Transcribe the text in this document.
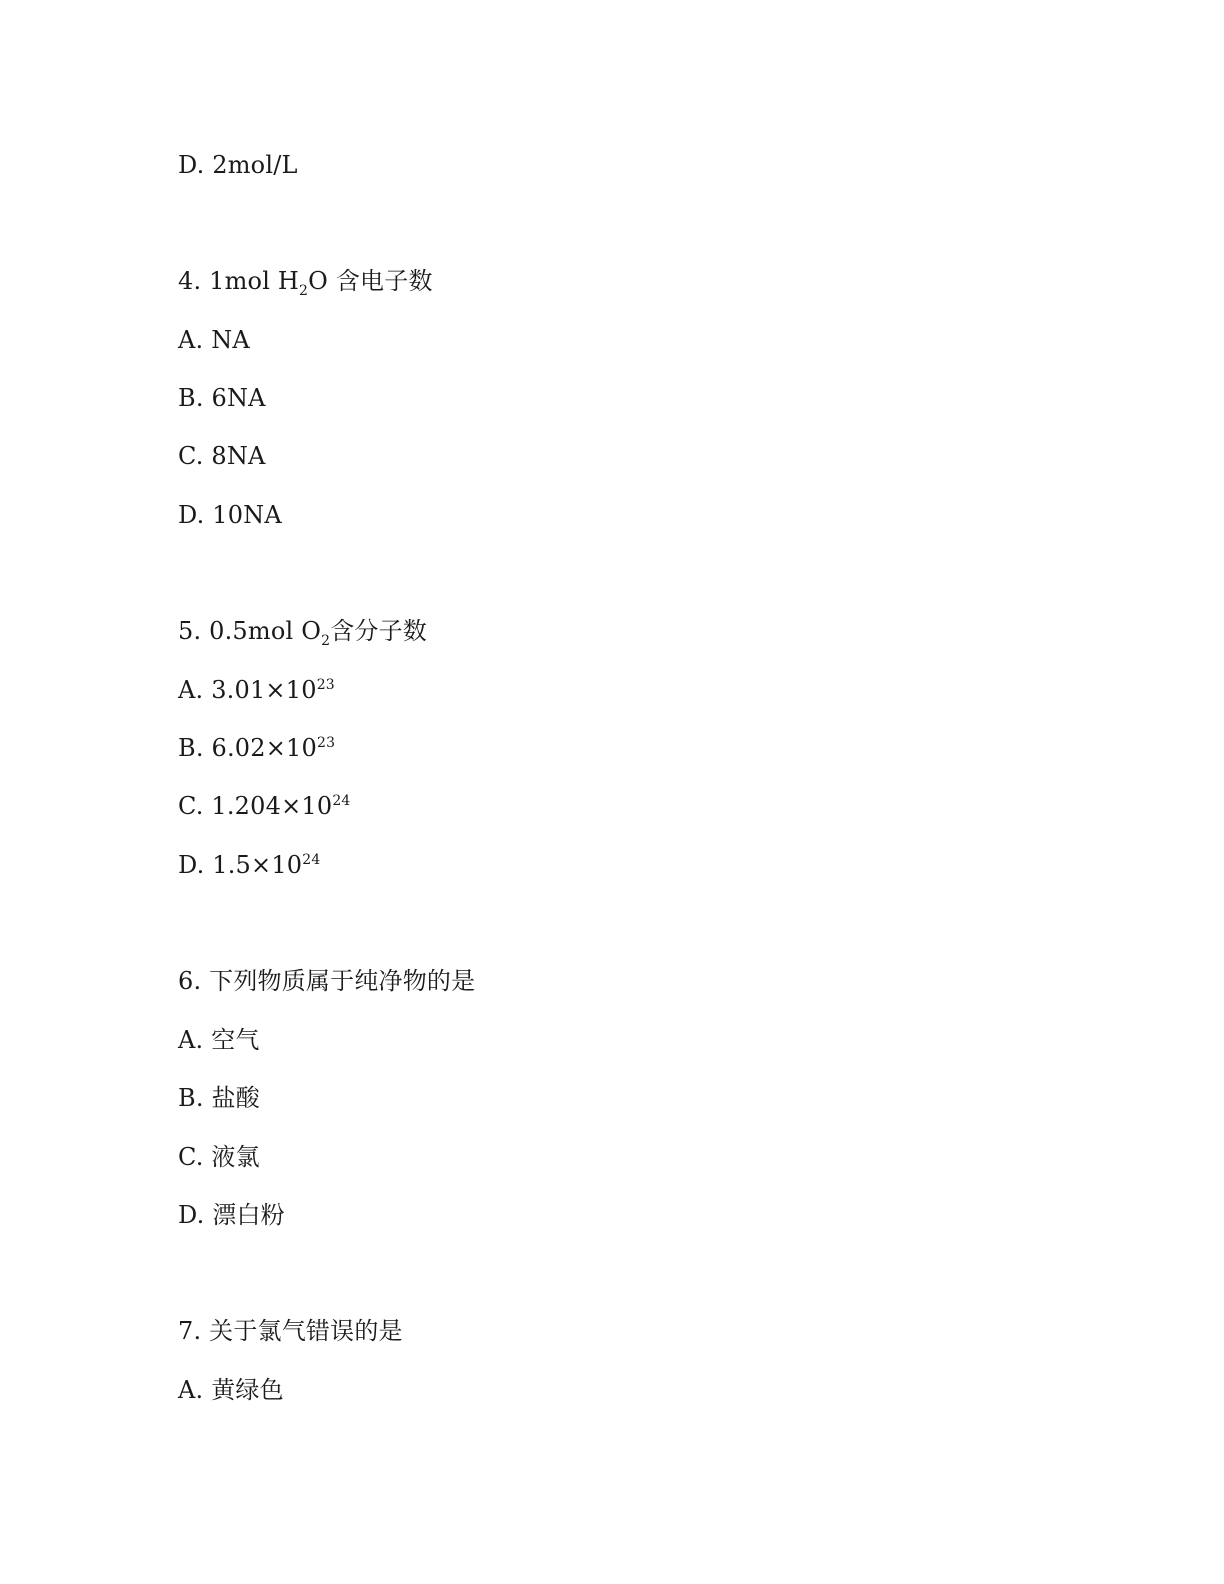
D. 2mol/L
4. 1mol $H_2O$ 含电子数
A. NA
B. 6NA
C. 8NA
D. 10NA
5. 0.5mol $O_2$含分子数
A. $3.01\times 10^{23}$
B. $6.02\times 10^{23}$
C. $1.204\times 10^{24}$
D. $1.5\times 10^{24}$
6. 下列物质属于纯净物的是
A. 空气
B. 盐酸
C. 液氯
D. 漂白粉
7. 关于氯气错误的是
A. 黄绿色
